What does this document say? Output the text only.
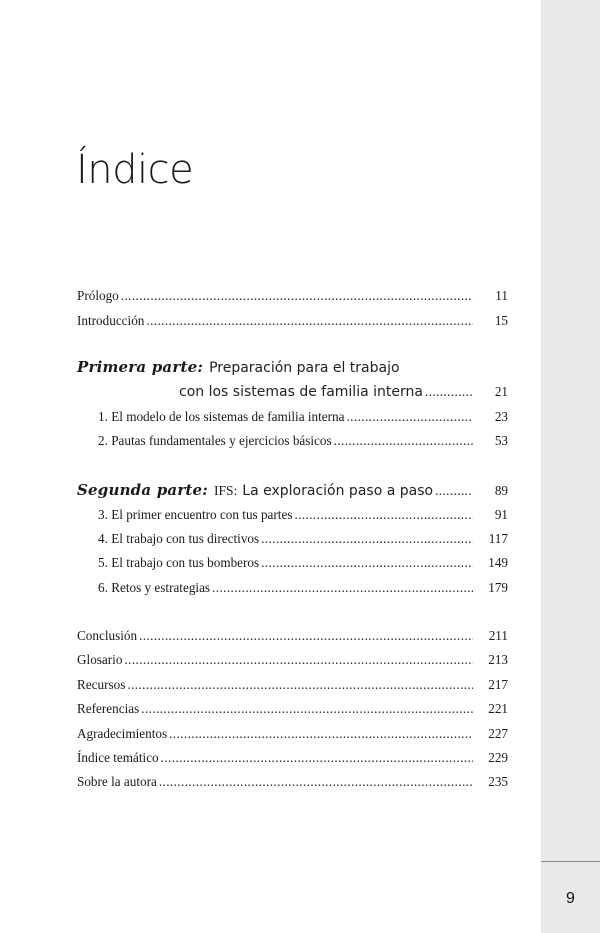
9
Índice
Prólogo .....	11
Introducción .....	15
Primera parte: Preparación para el trabajo
con los sistemas de familia interna .....	21
1. El modelo de los sistemas de familia interna .....	23
2. Pautas fundamentales y ejercicios básicos .....	53
Segunda parte: IFS: La exploración paso a paso .....	89
3. El primer encuentro con tus partes .....	91
4. El trabajo con tus directivos .....	117
5. El trabajo con tus bomberos .....	149
6. Retos y estrategias .....	179
Conclusión .....	211
Glosario .....	213
Recursos .....	217
Referencias .....	221
Agradecimientos .....	227
Índice temático .....	229
Sobre la autora .....	235
